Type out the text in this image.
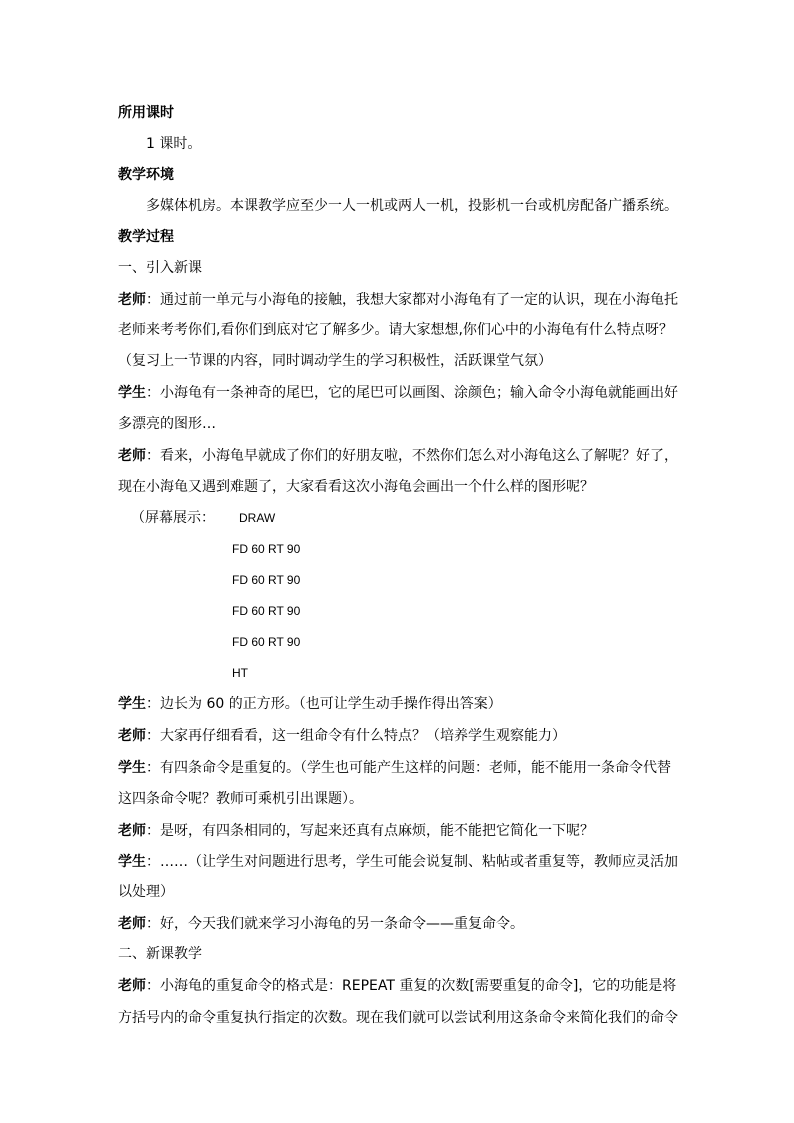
所用课时
1 课时。
教学环境
多媒体机房。本课教学应至少一人一机或两人一机，投影机一台或机房配备广播系统。
教学过程
一、引入新课
老师：通过前一单元与小海龟的接触，我想大家都对小海龟有了一定的认识，现在小海龟托
老师来考考你们,看你们到底对它了解多少。请大家想想,你们心中的小海龟有什么特点呀？
（复习上一节课的内容，同时调动学生的学习积极性，活跃课堂气氛）
学生：小海龟有一条神奇的尾巴，它的尾巴可以画图、涂颜色；输入命令小海龟就能画出好
多漂亮的图形…
老师：看来，小海龟早就成了你们的好朋友啦，不然你们怎么对小海龟这么了解呢？好了，
现在小海龟又遇到难题了，大家看看这次小海龟会画出一个什么样的图形呢？
（屏幕展示： DRAW
FD 60 RT 90
FD 60 RT 90
FD 60 RT 90
FD 60 RT 90
HT
学生：边长为 60 的正方形。（也可让学生动手操作得出答案）
老师：大家再仔细看看，这一组命令有什么特点？（培养学生观察能力）
学生：有四条命令是重复的。（学生也可能产生这样的问题：老师，能不能用一条命令代替
这四条命令呢？教师可乘机引出课题）。
老师：是呀，有四条相同的，写起来还真有点麻烦，能不能把它简化一下呢？
学生：……（让学生对问题进行思考，学生可能会说复制、粘帖或者重复等，教师应灵活加
以处理）
老师：好，今天我们就来学习小海龟的另一条命令——重复命令。
二、新课教学
老师：小海龟的重复命令的格式是：REPEAT 重复的次数[需要重复的命令]，它的功能是将
方括号内的命令重复执行指定的次数。现在我们就可以尝试利用这条命令来简化我们的命令
